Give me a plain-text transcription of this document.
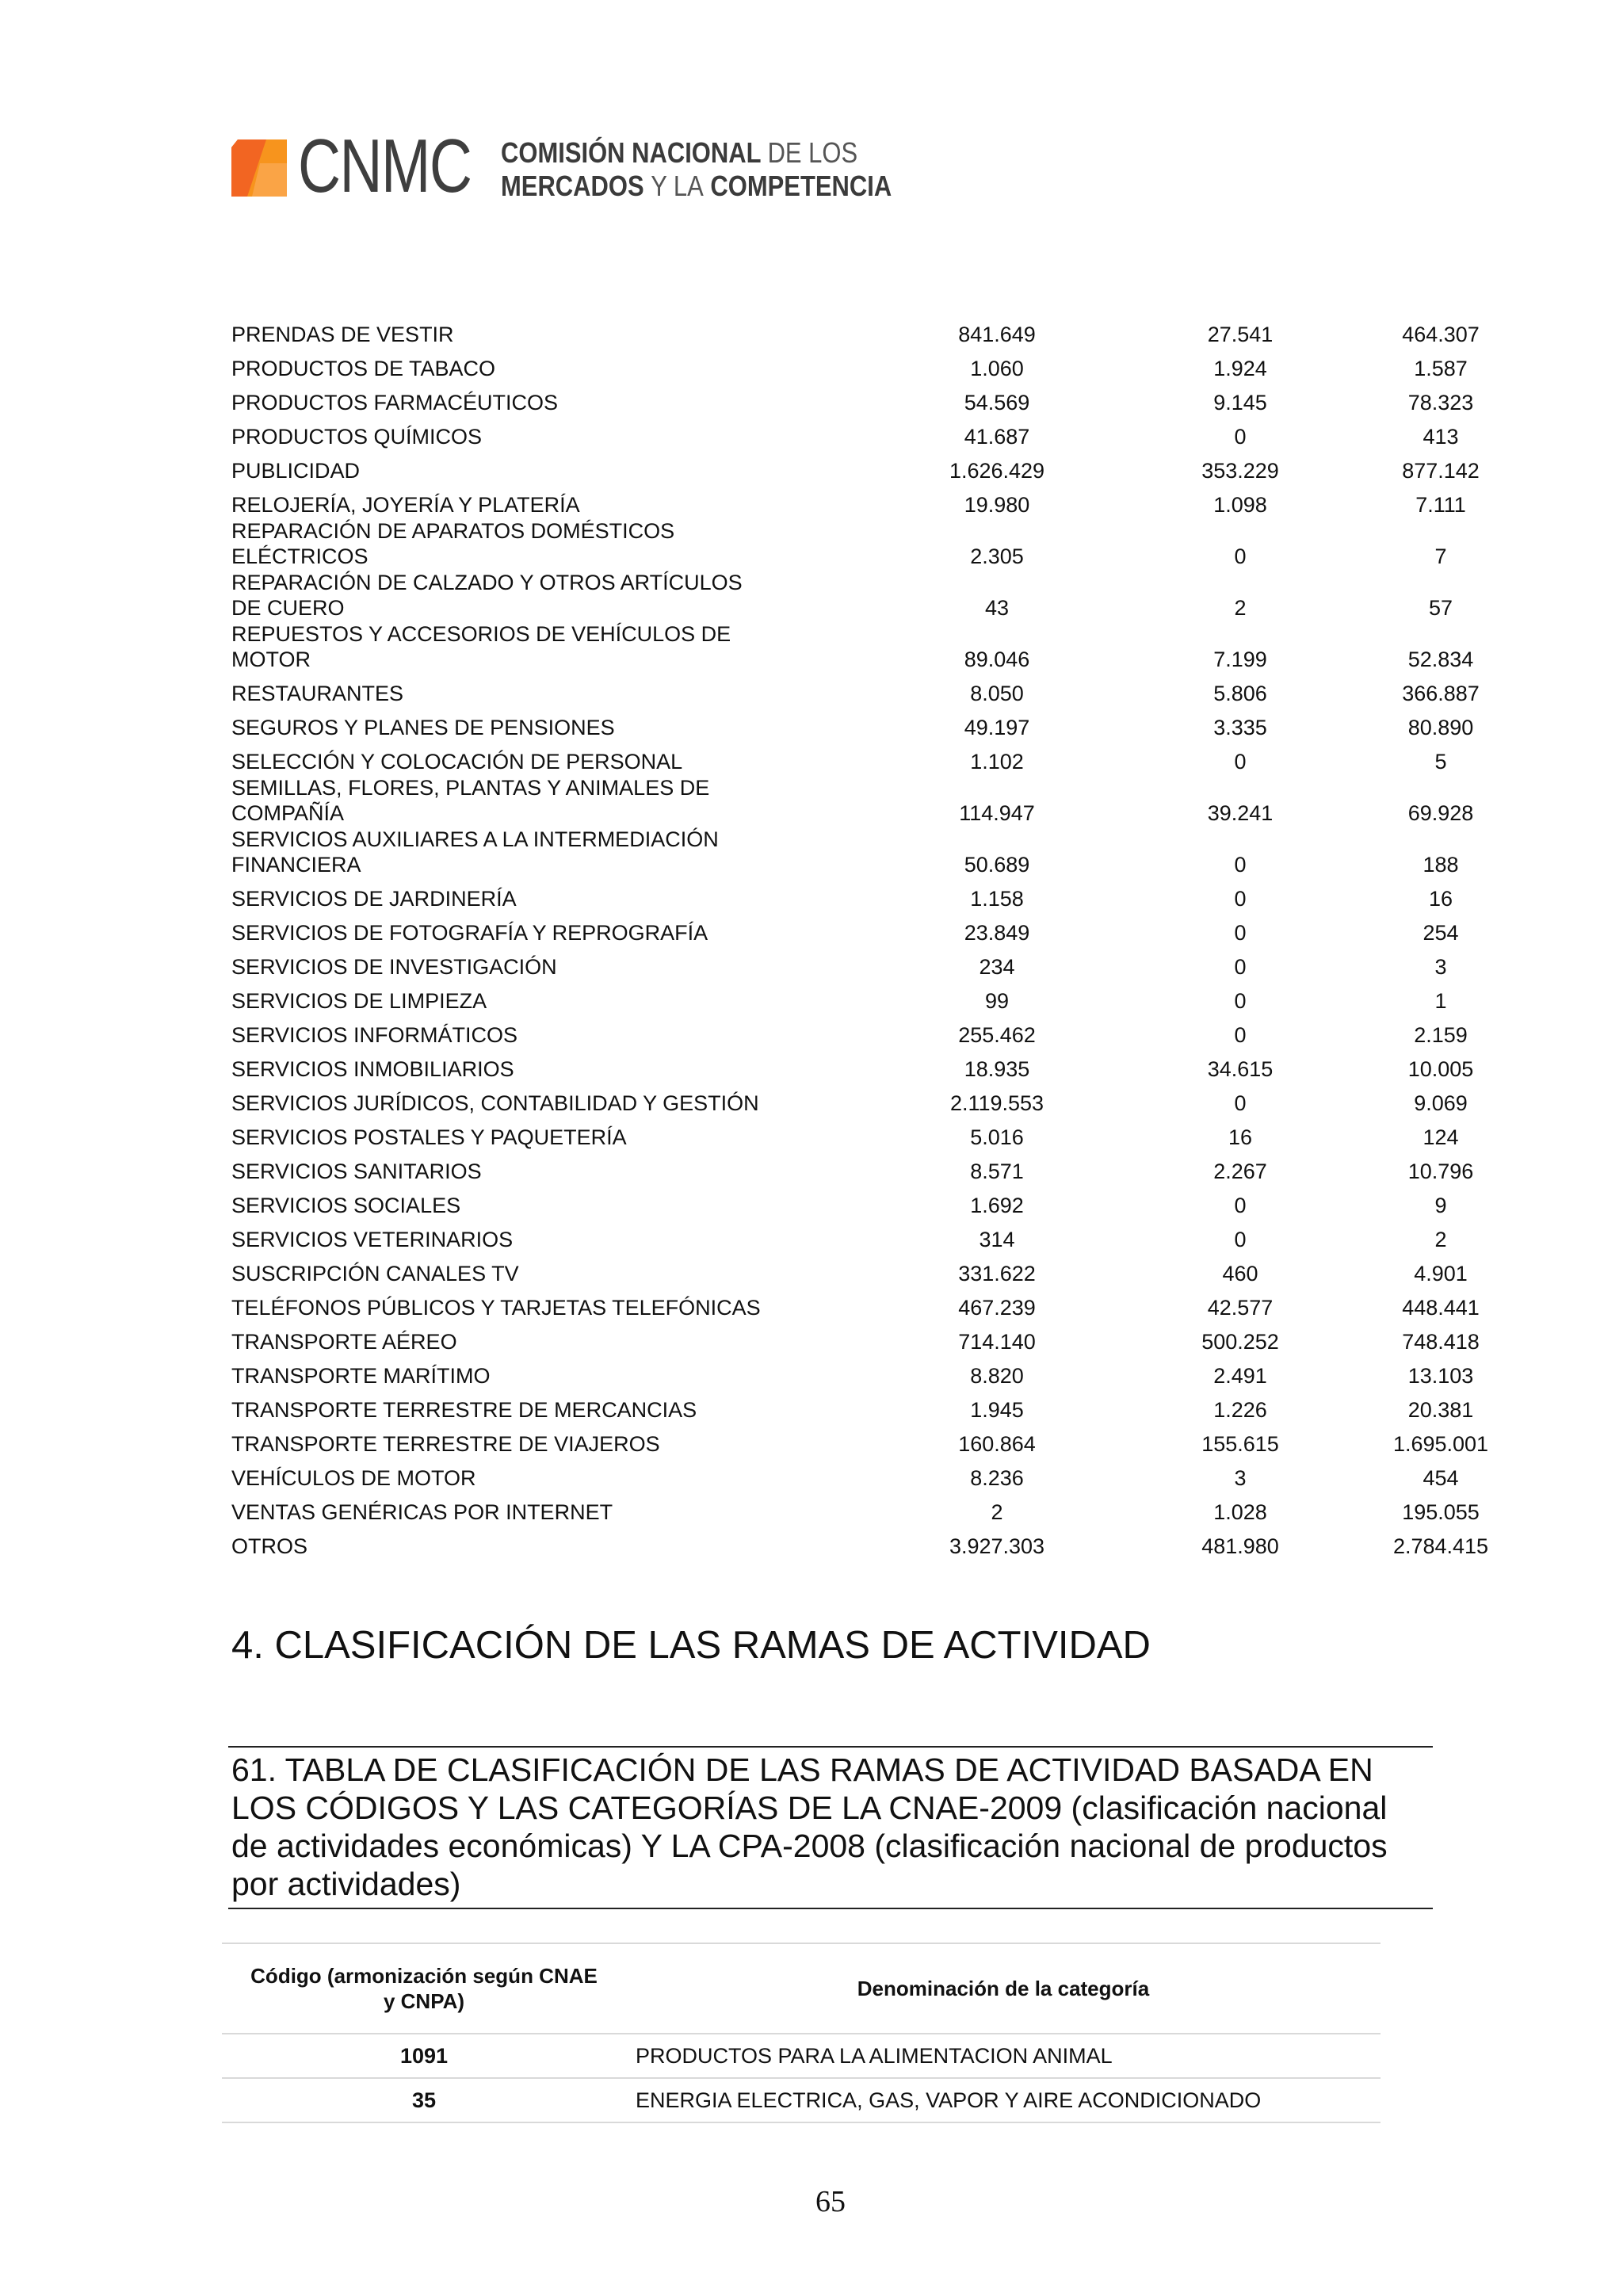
CNMC COMISIÓN NACIONAL DE LOS
MERCADOS Y LA COMPETENCIA
PRENDAS DE VESTIR	841.649	27.541	464.307

PRODUCTOS DE TABACO	1.060	1.924	1.587

PRODUCTOS FARMACÉUTICOS	54.569	9.145	78.323

PRODUCTOS QUÍMICOS	41.687	0	413

PUBLICIDAD	1.626.429	353.229	877.142

RELOJERÍA, JOYERÍA Y PLATERÍA	19.980	1.098	7.111

REPARACIÓN DE APARATOS DOMÉSTICOS
ELÉCTRICOS	2.305	0	7

REPARACIÓN DE CALZADO Y OTROS ARTÍCULOS
DE CUERO	43	2	57

REPUESTOS Y ACCESORIOS DE VEHÍCULOS DE
MOTOR	89.046	7.199	52.834

RESTAURANTES	8.050	5.806	366.887

SEGUROS Y PLANES DE PENSIONES	49.197	3.335	80.890

SELECCIÓN Y COLOCACIÓN DE PERSONAL	1.102	0	5

SEMILLAS, FLORES, PLANTAS Y ANIMALES DE
COMPAÑÍA	114.947	39.241	69.928

SERVICIOS AUXILIARES A LA INTERMEDIACIÓN
FINANCIERA	50.689	0	188

SERVICIOS DE JARDINERÍA	1.158	0	16

SERVICIOS DE FOTOGRAFÍA Y REPROGRAFÍA	23.849	0	254

SERVICIOS DE INVESTIGACIÓN	234	0	3

SERVICIOS DE LIMPIEZA	99	0	1

SERVICIOS INFORMÁTICOS	255.462	0	2.159

SERVICIOS INMOBILIARIOS	18.935	34.615	10.005

SERVICIOS JURÍDICOS, CONTABILIDAD Y GESTIÓN	2.119.553	0	9.069

SERVICIOS POSTALES Y PAQUETERÍA	5.016	16	124

SERVICIOS SANITARIOS	8.571	2.267	10.796

SERVICIOS SOCIALES	1.692	0	9

SERVICIOS VETERINARIOS	314	0	2

SUSCRIPCIÓN CANALES TV	331.622	460	4.901

TELÉFONOS PÚBLICOS Y TARJETAS TELEFÓNICAS	467.239	42.577	448.441

TRANSPORTE AÉREO	714.140	500.252	748.418

TRANSPORTE MARÍTIMO	8.820	2.491	13.103

TRANSPORTE TERRESTRE DE MERCANCIAS	1.945	1.226	20.381

TRANSPORTE TERRESTRE DE VIAJEROS	160.864	155.615	1.695.001

VEHÍCULOS DE MOTOR	8.236	3	454

VENTAS GENÉRICAS POR INTERNET	2	1.028	195.055

OTROS	3.927.303	481.980	2.784.415
4. CLASIFICACIÓN DE LAS RAMAS DE ACTIVIDAD
61. TABLA DE CLASIFICACIÓN DE LAS RAMAS DE ACTIVIDAD BASADA EN
LOS CÓDIGOS Y LAS CATEGORÍAS DE LA CNAE-2009 (clasificación nacional
de actividades económicas) Y LA CPA-2008 (clasificación nacional de productos
por actividades)
Código (armonización según CNAE
y CNPA)	Denominación de la categoría
1091	PRODUCTOS PARA LA ALIMENTACION ANIMAL
35	ENERGIA ELECTRICA, GAS, VAPOR Y AIRE ACONDICIONADO
65
